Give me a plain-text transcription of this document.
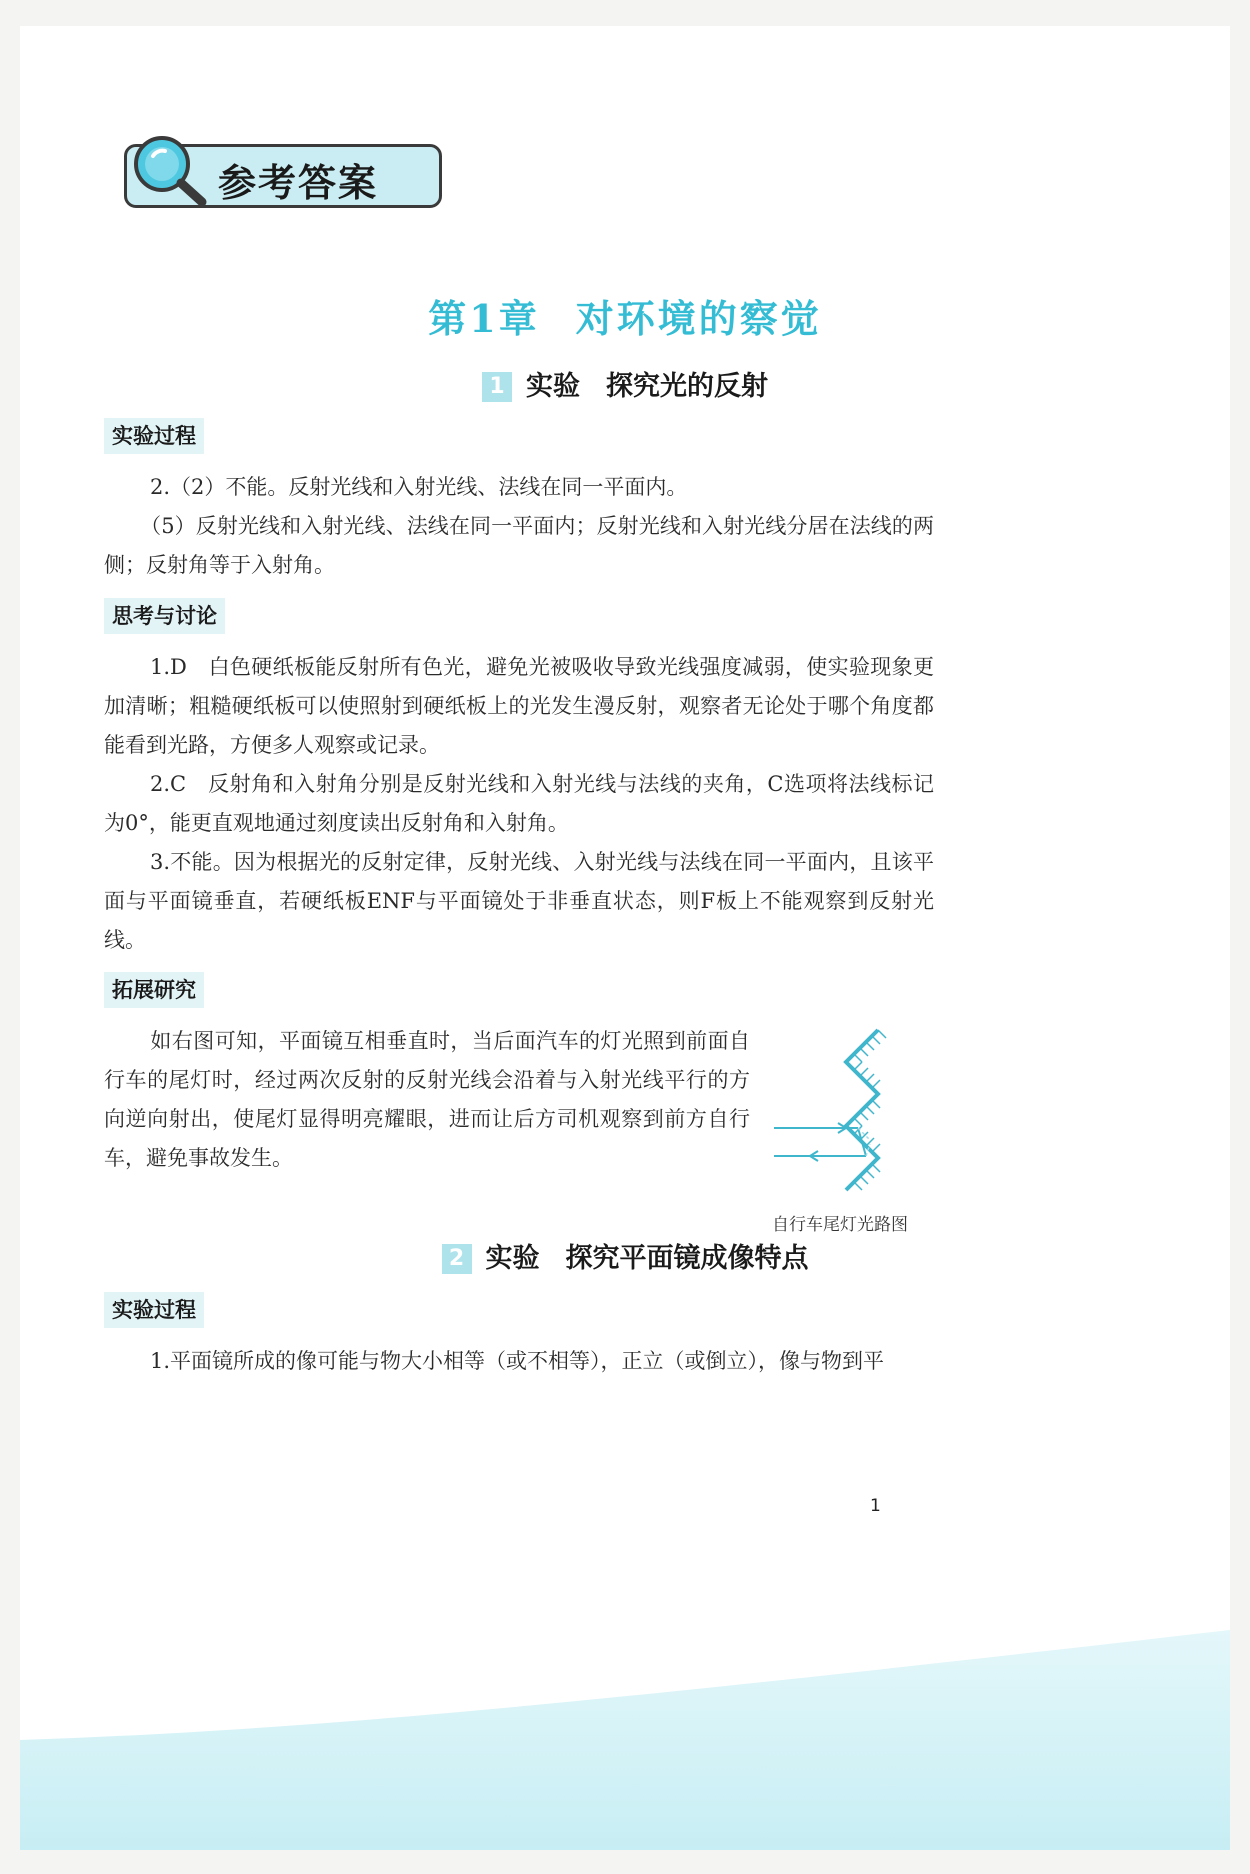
参考答案
第1章 对环境的察觉
1 实验 探究光的反射
实验过程
2.（2）不能。反射光线和入射光线、法线在同一平面内。
（5）反射光线和入射光线、法线在同一平面内；反射光线和入射光线分居在法线的两侧；反射角等于入射角。
思考与讨论
1.D　白色硬纸板能反射所有色光，避免光被吸收导致光线强度减弱，使实验现象更加清晰；粗糙硬纸板可以使照射到硬纸板上的光发生漫反射，观察者无论处于哪个角度都能看到光路，方便多人观察或记录。
2.C　反射角和入射角分别是反射光线和入射光线与法线的夹角，C选项将法线标记为0°，能更直观地通过刻度读出反射角和入射角。
3.不能。因为根据光的反射定律，反射光线、入射光线与法线在同一平面内，且该平面与平面镜垂直，若硬纸板ENF与平面镜处于非垂直状态，则F板上不能观察到反射光线。
拓展研究
如右图可知，平面镜互相垂直时，当后面汽车的灯光照到前面自行车的尾灯时，经过两次反射的反射光线会沿着与入射光线平行的方向逆向射出，使尾灯显得明亮耀眼，进而让后方司机观察到前方自行车，避免事故发生。
自行车尾灯光路图
2 实验 探究平面镜成像特点
实验过程
1.平面镜所成的像可能与物大小相等（或不相等），正立（或倒立），像与物到平
1
